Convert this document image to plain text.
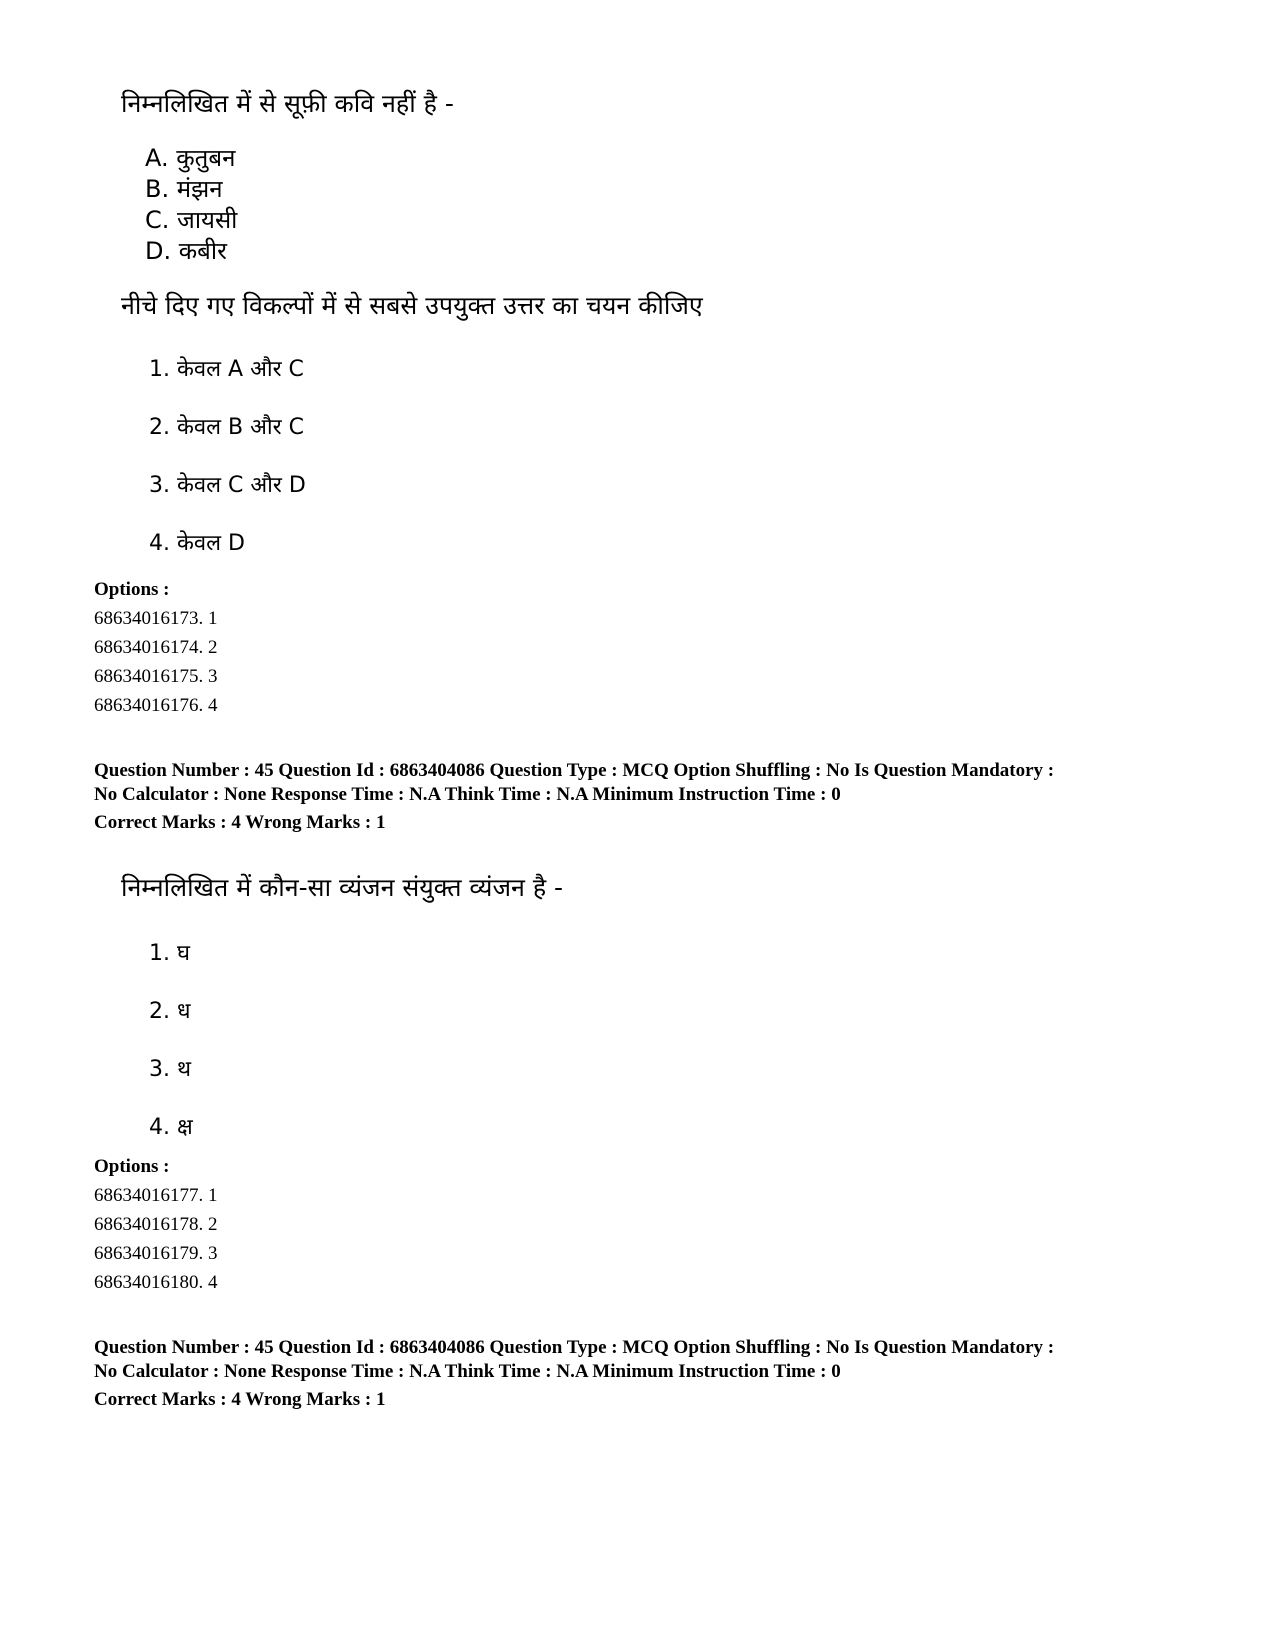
निम्नलिखित में से सूफ़ी कवि नहीं है -
A. कुतुबन
B. मंझन
C. जायसी
D. कबीर
नीचे दिए गए विकल्पों में से सबसे उपयुक्त उत्तर का चयन कीजिए
1. केवल A और C
2. केवल B और C
3. केवल C और D
4. केवल D
Options :
68634016173. 1
68634016174. 2
68634016175. 3
68634016176. 4
Question Number : 45 Question Id : 6863404086 Question Type : MCQ Option Shuffling : No Is Question Mandatory :
No Calculator : None Response Time : N.A Think Time : N.A Minimum Instruction Time : 0
Correct Marks : 4 Wrong Marks : 1
निम्नलिखित में कौन-सा व्यंजन संयुक्त व्यंजन है -
1. घ
2. ध
3. थ
4. क्ष
Options :
68634016177. 1
68634016178. 2
68634016179. 3
68634016180. 4
Question Number : 45 Question Id : 6863404086 Question Type : MCQ Option Shuffling : No Is Question Mandatory :
No Calculator : None Response Time : N.A Think Time : N.A Minimum Instruction Time : 0
Correct Marks : 4 Wrong Marks : 1
